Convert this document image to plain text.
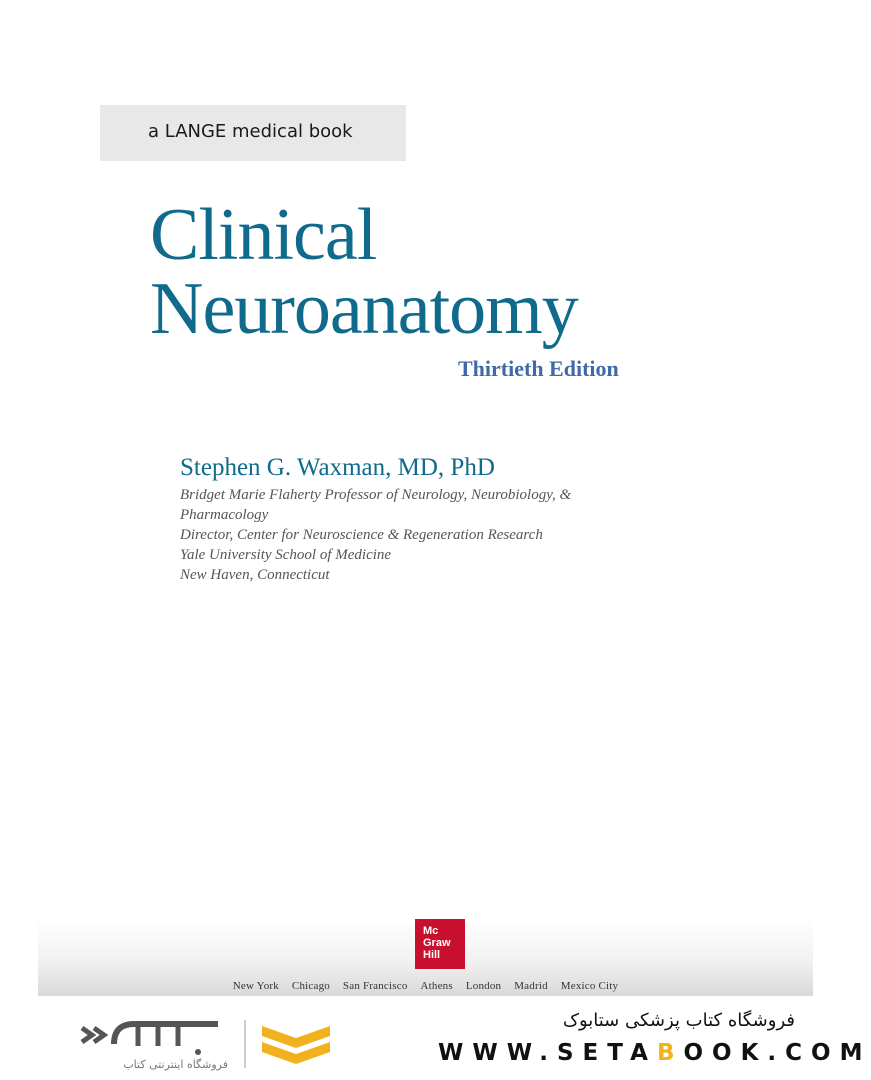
a LANGE medical book
Clinical
Neuroanatomy
Thirtieth Edition
Stephen G. Waxman, MD, PhD
Bridget Marie Flaherty Professor of Neurology, Neurobiology, &
Pharmacology
Director, Center for Neuroscience & Regeneration Research
Yale University School of Medicine
New Haven, Connecticut
Mc
Graw
Hill
New York Chicago San Francisco Athens London Madrid Mexico City
فروشگاه اینترنتی کتاب
فروشگاه کتاب پزشکی ستابوک
WWW.SETABOOK.COM
